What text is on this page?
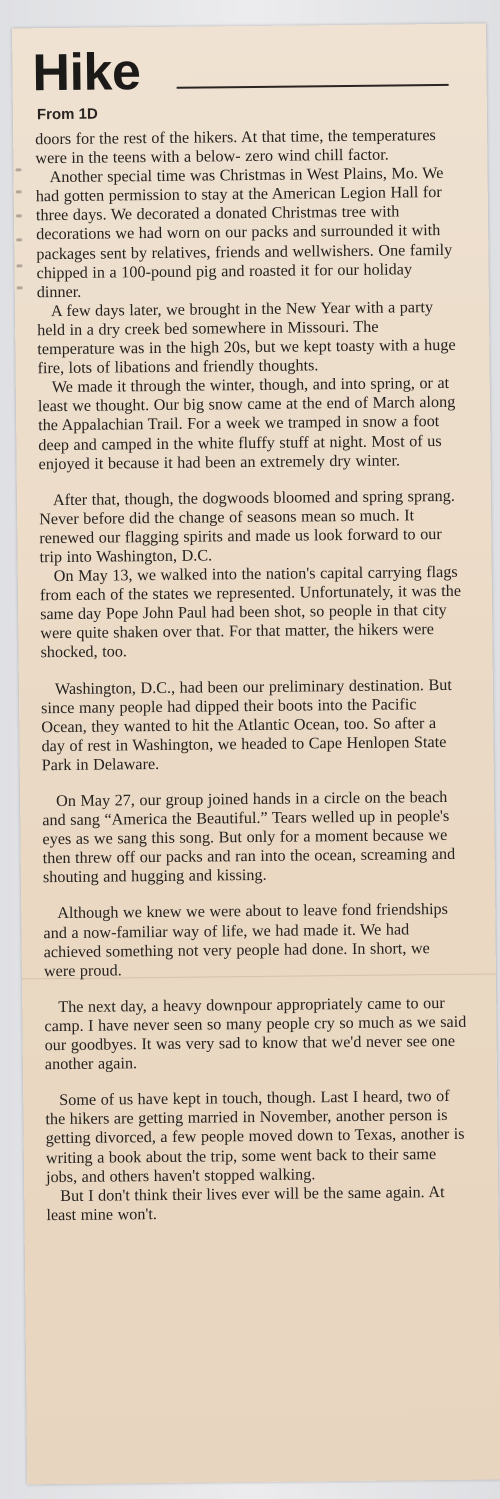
Hike
From 1D

doors for the rest of the hikers. At that time, the temperatures were in the teens with a below- zero wind chill factor.

Another special time was Christmas in West Plains, Mo. We had gotten permission to stay at the American Legion Hall for three days. We decorated a donated Christmas tree with decorations we had worn on our packs and surrounded it with packages sent by relatives, friends and wellwishers. One family chipped in a 100-pound pig and roasted it for our holiday dinner.

A few days later, we brought in the New Year with a party held in a dry creek bed somewhere in Missouri. The temperature was in the high 20s, but we kept toasty with a huge fire, lots of libations and friendly thoughts.

We made it through the winter, though, and into spring, or at least we thought. Our big snow came at the end of March along the Appalachian Trail. For a week we tramped in snow a foot deep and camped in the white fluffy stuff at night. Most of us enjoyed it because it had been an extremely dry winter.

After that, though, the dogwoods bloomed and spring sprang. Never before did the change of seasons mean so much. It renewed our flagging spirits and made us look forward to our trip into Washington, D.C.

On May 13, we walked into the nation's capital carrying flags from each of the states we represented. Unfortunately, it was the same day Pope John Paul had been shot, so people in that city were quite shaken over that. For that matter, the hikers were shocked, too.

Washington, D.C., had been our preliminary destination. But since many people had dipped their boots into the Pacific Ocean, they wanted to hit the Atlantic Ocean, too. So after a day of rest in Washington, we headed to Cape Henlopen State Park in Delaware.

On May 27, our group joined hands in a circle on the beach and sang “America the Beautiful.” Tears welled up in people's eyes as we sang this song. But only for a moment because we then threw off our packs and ran into the ocean, screaming and shouting and hugging and kissing.

Although we knew we were about to leave fond friendships and a now-familiar way of life, we had made it. We had achieved something not very people had done. In short, we were proud.

The next day, a heavy downpour appropriately came to our camp. I have never seen so many people cry so much as we said our goodbyes. It was very sad to know that we'd never see one another again.

Some of us have kept in touch, though. Last I heard, two of the hikers are getting married in November, another person is getting divorced, a few people moved down to Texas, another is writing a book about the trip, some went back to their same jobs, and others haven't stopped walking.

But I don't think their lives ever will be the same again. At least mine won't.
